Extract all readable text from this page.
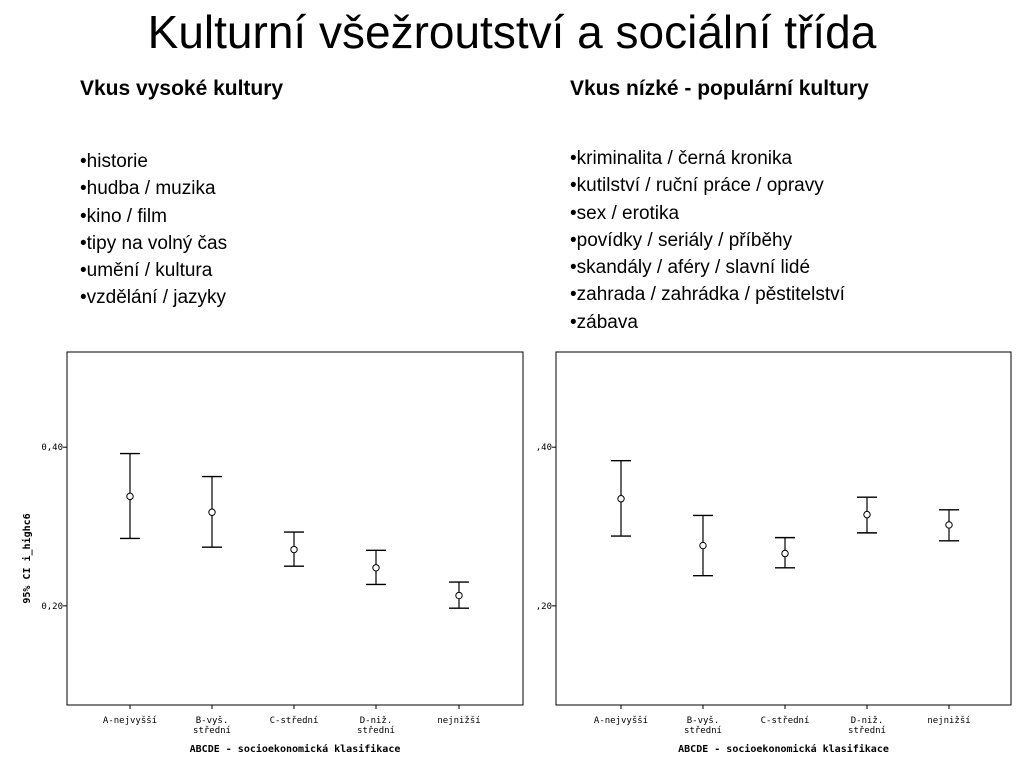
Kulturní všežroutství a sociální třída
Vkus vysoké kultury	Vkus nízké - populární kultury
•historie
•hudba / muzika
•kino / film
•tipy na volný čas
•umění / kultura
•vzdělání / jazyky
•kriminalita / černá kronika
•kutilství / ruční práce / opravy
•sex / erotika
•povídky / seriály / příběhy
•skandály / aféry / slavní lidé
•zahrada / zahrádka / pěstitelství
•zábava
0,20
0,40
A-nejvyšší	B-vyš.
střední
C-střední	D-niž.
střední
nejnižší
ABCDE - socioekonomická klasifikace
95% CI i_highc6
,20
,40
A-nejvyšší	B-vyš.
střední
C-střední	D-niž.
střední
nejnižší
ABCDE - socioekonomická klasifikace
